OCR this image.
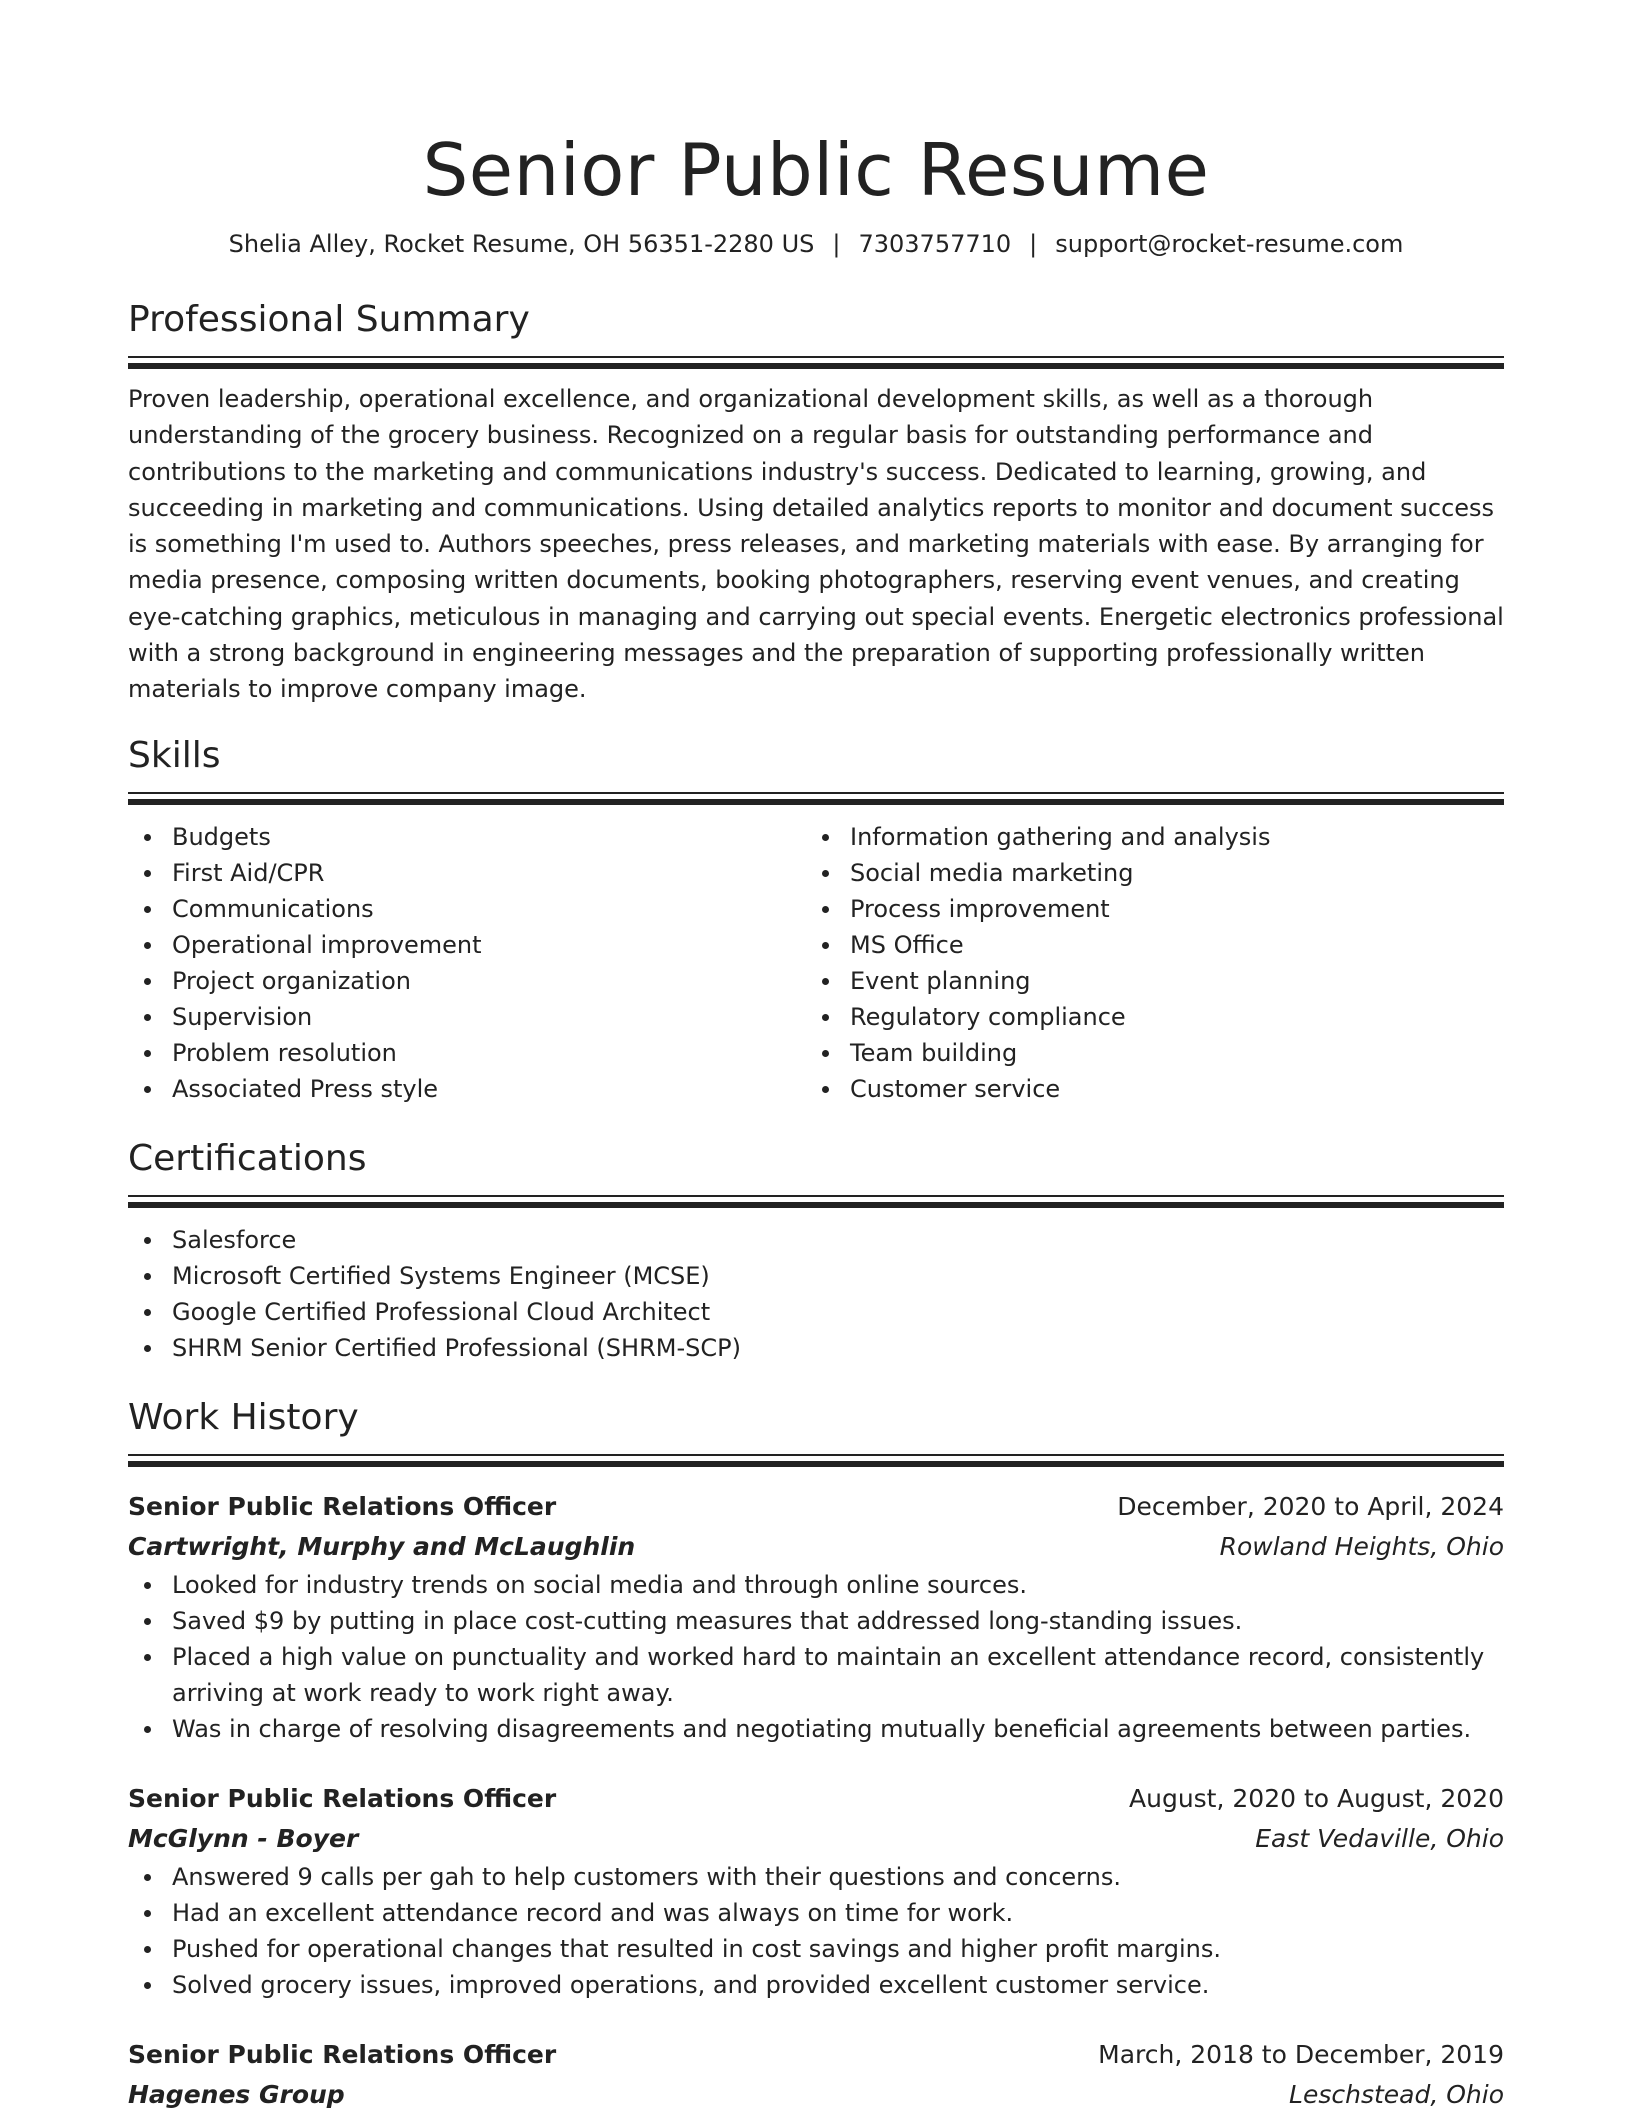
Senior Public Resume
Shelia Alley, Rocket Resume, OH 56351-2280 US | 7303757710 | support@rocket-resume.com
Professional Summary

Proven leadership, operational excellence, and organizational development skills, as well as a thorough understanding of the grocery business. Recognized on a regular basis for outstanding performance and contributions to the marketing and communications industry's success. Dedicated to learning, growing, and succeeding in marketing and communications. Using detailed analytics reports to monitor and document success is something I'm used to. Authors speeches, press releases, and marketing materials with ease. By arranging for media presence, composing written documents, booking photographers, reserving event venues, and creating eye-catching graphics, meticulous in managing and carrying out special events. Energetic electronics professional with a strong background in engineering messages and the preparation of supporting professionally written materials to improve company image.

Skills
Budgets
First Aid/CPR
Communications
Operational improvement
Project organization
Supervision
Problem resolution
Associated Press style
Information gathering and analysis
Social media marketing
Process improvement
MS Office
Event planning
Regulatory compliance
Team building
Customer service
Certifications
Salesforce
Microsoft Certified Systems Engineer (MCSE)
Google Certified Professional Cloud Architect
SHRM Senior Certified Professional (SHRM-SCP)
Work History
Senior Public Relations Officer	December, 2020 to April, 2024
Cartwright, Murphy and McLaughlin	Rowland Heights, Ohio
Looked for industry trends on social media and through online sources.
Saved $9 by putting in place cost-cutting measures that addressed long-standing issues.
Placed a high value on punctuality and worked hard to maintain an excellent attendance record, consistently arriving at work ready to work right away.
Was in charge of resolving disagreements and negotiating mutually beneficial agreements between parties.
Senior Public Relations Officer	August, 2020 to August, 2020
McGlynn - Boyer	East Vedaville, Ohio
Answered 9 calls per gah to help customers with their questions and concerns.
Had an excellent attendance record and was always on time for work.
Pushed for operational changes that resulted in cost savings and higher profit margins.
Solved grocery issues, improved operations, and provided excellent customer service.
Senior Public Relations Officer	March, 2018 to December, 2019
Hagenes Group	Leschstead, Ohio
